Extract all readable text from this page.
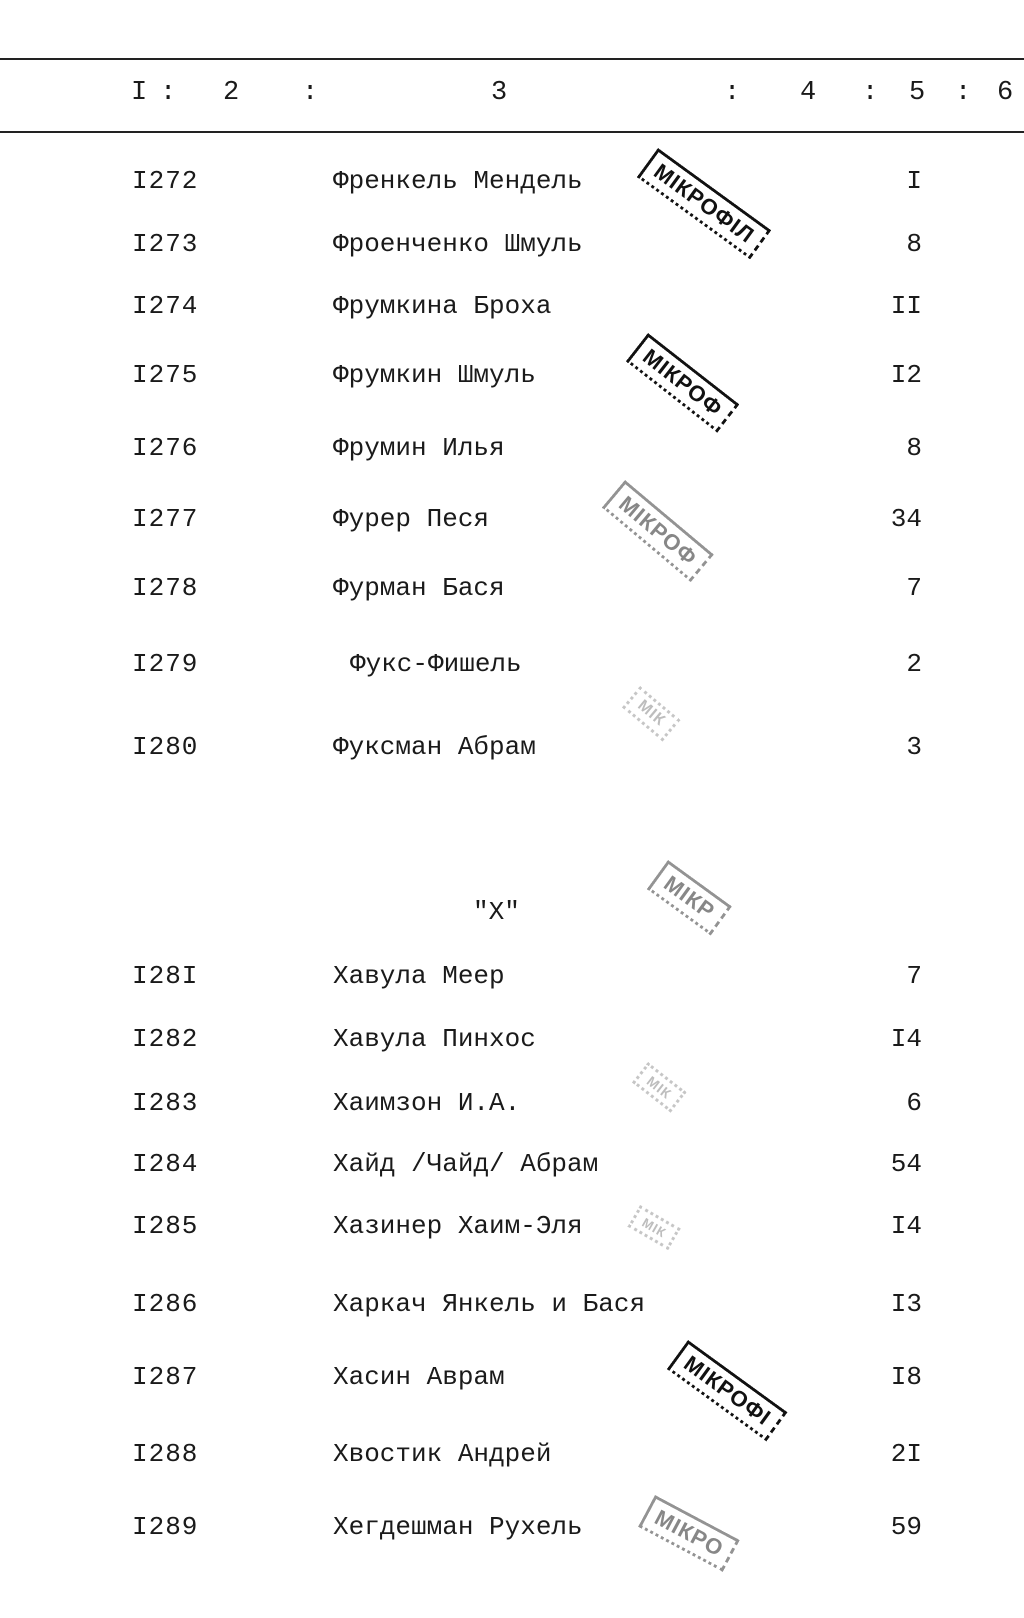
I : 2 :	3	: 4 : 5 : 6
I272	Френкель Мендель	I
I273	Фроенченко Шмуль	8
I274	Фрумкина Броха	II
I275	Фрумкин Шмуль	I2
I276	Фрумин Илья	8
I277	Фурер Песя	34
I278	Фурман Бася	7
I279	Фукс-Фишель	2
I280	Фуксман Абрам	3
"Х"
I28I	Хавула Меер	7
I282	Хавула Пинхос	I4
I283	Хаимзон И.А.	6
I284	Хайд /Чайд/ Абрам	54
I285	Хазинер Хаим-Эля	I4
I286	Харкач Янкель и Бася	I3
I287	Хасин Аврам	I8
I288	Хвостик Андрей	2I
I289	Хегдешман Рухель	59
МІКРОФІЛ
МІКРОФ
МІКРОФ
МІК
МІКР
МІК
МІК
МІКРОФІ
МІКРО
